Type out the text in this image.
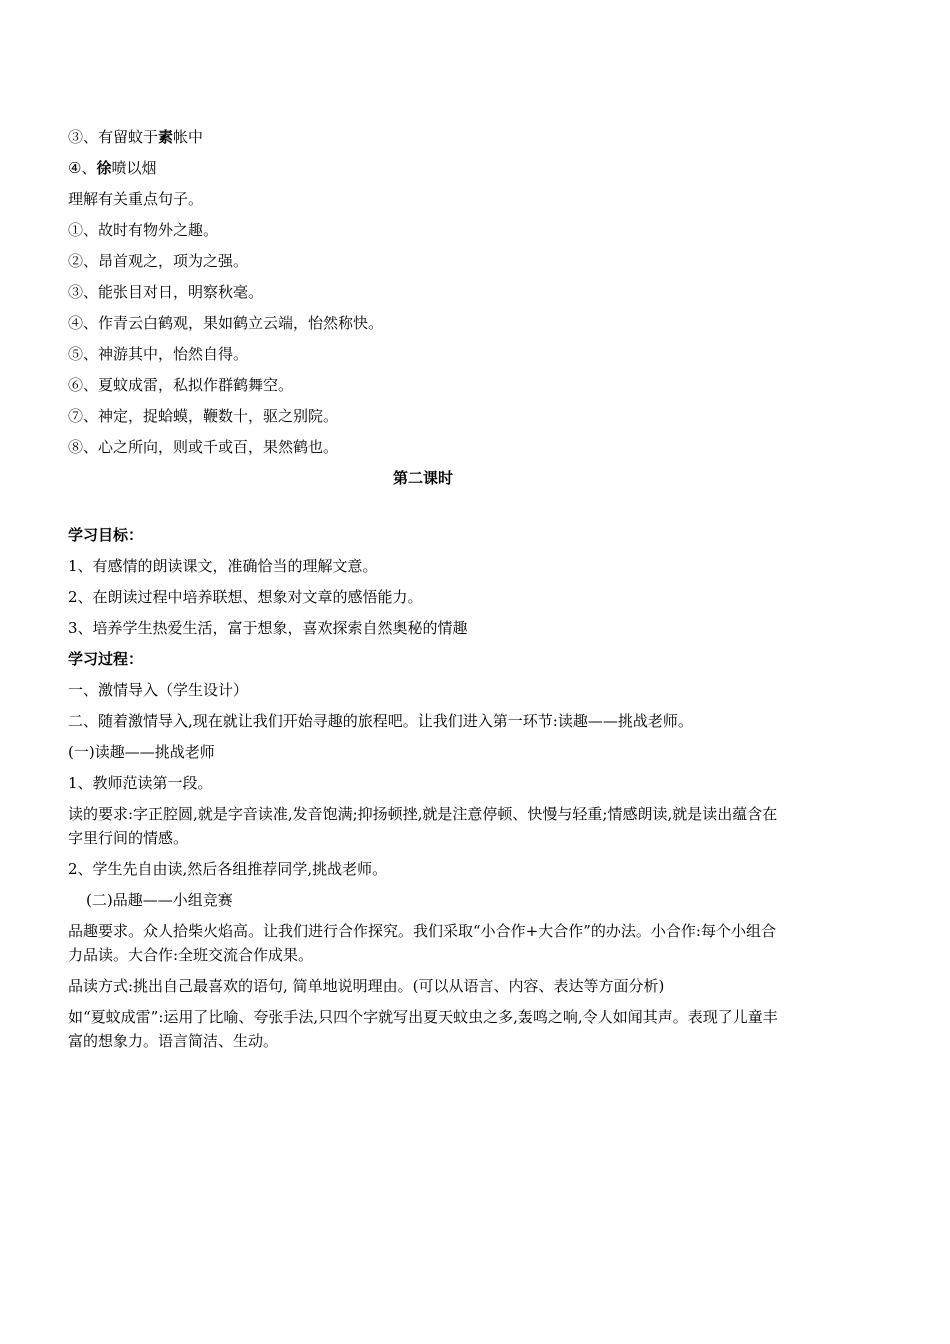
③、有留蚊于素帐中
④、徐喷以烟
理解有关重点句子。
①、故时有物外之趣。
②、昂首观之，项为之强。
③、能张目对日，明察秋毫。
④、作青云白鹤观，果如鹤立云端，怡然称快。
⑤、神游其中，怡然自得。
⑥、夏蚊成雷，私拟作群鹤舞空。
⑦、神定，捉蛤蟆，鞭数十，驱之别院。
⑧、心之所向，则或千或百，果然鹤也。
第二课时
学习目标：
1、有感情的朗读课文，准确恰当的理解文意。
2、在朗读过程中培养联想、想象对文章的感悟能力。
3、培养学生热爱生活，富于想象，喜欢探索自然奥秘的情趣
学习过程：
一、激情导入（学生设计）
二、随着激情导入,现在就让我们开始寻趣的旅程吧。让我们进入第一环节:读趣——挑战老师。
(一)读趣——挑战老师
1、教师范读第一段。
读的要求:字正腔圆,就是字音读准,发音饱满;抑扬顿挫,就是注意停顿、快慢与轻重;情感朗读,就是读出蕴含在字里行间的情感。
2、学生先自由读,然后各组推荐同学,挑战老师。
(二)品趣——小组竞赛
品趣要求。众人拾柴火焰高。让我们进行合作探究。我们采取“小合作+大合作”的办法。小合作:每个小组合力品读。大合作:全班交流合作成果。
品读方式:挑出自己最喜欢的语句, 简单地说明理由。(可以从语言、内容、表达等方面分析)
如“夏蚊成雷”:运用了比喻、夸张手法,只四个字就写出夏天蚊虫之多,轰鸣之响,令人如闻其声。表现了儿童丰富的想象力。语言简洁、生动。
